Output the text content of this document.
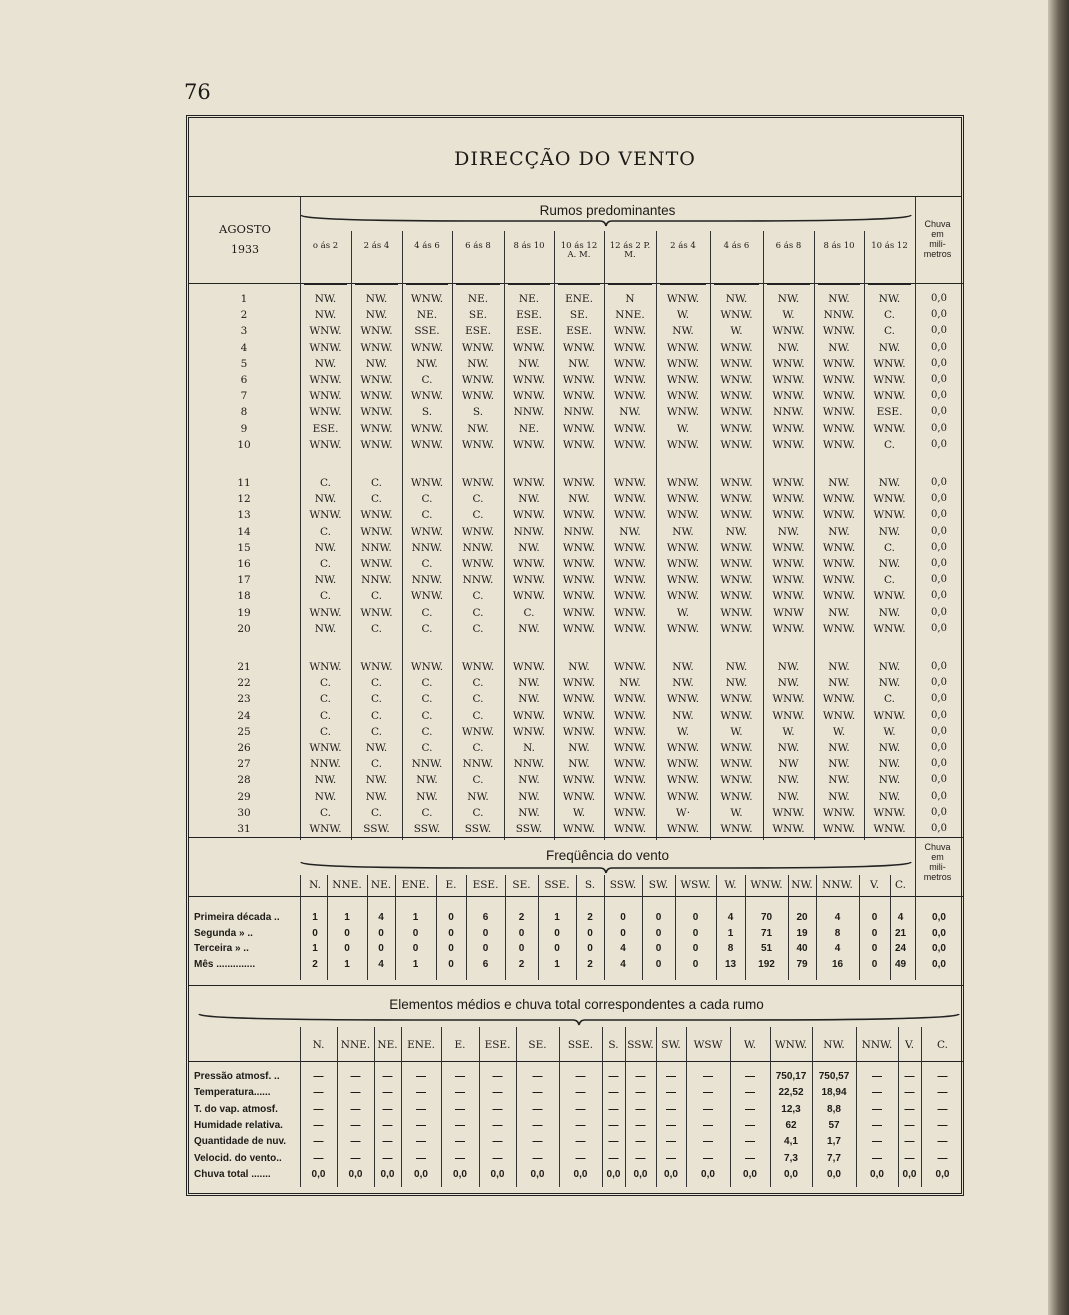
76
DIRECÇÃO DO VENTO
AGOSTO
1933
Rumos predominantes
Chuva
em
mili-
metros
o ás 2	2 ás 4	4 ás 6	6 ás 8	8 ás 10	10 ás 12 A. M.
12 ás 2 P. M.
2 ás 4	4 ás 6	6 ás 8	8 ás 10	10 ás 12
1	NW.	NW.	WNW.	NE.	NE.	ENE.	N	WNW.	NW.	NW.	NW.	NW.	0,0
2	NW.	NW.	NE.	SE.	ESE.	SE.	NNE.	W.	WNW.	W.	NNW.	C.	0,0
3	WNW.	WNW.	SSE.	ESE.	ESE.	ESE.	WNW.	NW.	W.	WNW.	WNW.	C.	0,0
4	WNW.	WNW.	WNW.	WNW.	WNW.	WNW.	WNW.	WNW.	WNW.	NW.	NW.	NW.	0,0
5	NW.	NW.	NW.	NW.	NW.	NW.	WNW.	WNW.	WNW.	WNW.	WNW.	WNW.	0,0
6	WNW.	WNW.	C.	WNW.	WNW.	WNW.	WNW.	WNW.	WNW.	WNW.	WNW.	WNW.	0,0
7	WNW.	WNW.	WNW.	WNW.	WNW.	WNW.	WNW.	WNW.	WNW.	WNW.	WNW.	WNW.	0,0
8	WNW.	WNW.	S.	S.	NNW.	NNW.	NW.	WNW.	WNW.	NNW.	WNW.	ESE.	0,0
9	ESE.	WNW.	WNW.	NW.	NE.	WNW.	WNW.	W.	WNW.	WNW.	WNW.	WNW.	0,0
10	WNW.	WNW.	WNW.	WNW.	WNW.	WNW.	WNW.	WNW.	WNW.	WNW.	WNW.	C.	0,0
11	C.	C.	WNW.	WNW.	WNW.	WNW.	WNW.	WNW.	WNW.	WNW.	NW.	NW.	0,0
12	NW.	C.	C.	C.	NW.	NW.	WNW.	WNW.	WNW.	WNW.	WNW.	WNW.	0,0
13	WNW.	WNW.	C.	C.	WNW.	WNW.	WNW.	WNW.	WNW.	WNW.	WNW.	WNW.	0,0
14	C.	WNW.	WNW.	WNW.	NNW.	NNW.	NW.	NW.	NW.	NW.	NW.	NW.	0,0
15	NW.	NNW.	NNW.	NNW.	NW.	WNW.	WNW.	WNW.	WNW.	WNW.	WNW.	C.	0,0
16	C.	WNW.	C.	WNW.	WNW.	WNW.	WNW.	WNW.	WNW.	WNW.	WNW.	NW.	0,0
17	NW.	NNW.	NNW.	NNW.	WNW.	WNW.	WNW.	WNW.	WNW.	WNW.	WNW.	C.	0,0
18	C.	C.	WNW.	C.	WNW.	WNW.	WNW.	WNW.	WNW.	WNW.	WNW.	WNW.	0,0
19	WNW.	WNW.	C.	C.	C.	WNW.	WNW.	W.	WNW.	WNW	NW.	NW.	0,0
20	NW.	C.	C.	C.	NW.	WNW.	WNW.	WNW.	WNW.	WNW.	WNW.	WNW.	0,0
21	WNW.	WNW.	WNW.	WNW.	WNW.	NW.	WNW.	NW.	NW.	NW.	NW.	NW.	0,0
22	C.	C.	C.	C.	NW.	WNW.	NW.	NW.	NW.	NW.	NW.	NW.	0,0
23	C.	C.	C.	C.	NW.	WNW.	WNW.	WNW.	WNW.	WNW.	WNW.	C.	0,0
24	C.	C.	C.	C.	WNW.	WNW.	WNW.	NW.	WNW.	WNW.	WNW.	WNW.	0,0
25	C.	C.	C.	WNW.	WNW.	WNW.	WNW.	W.	W.	W.	W.	W.	0,0
26	WNW.	NW.	C.	C.	N.	NW.	WNW.	WNW.	WNW.	NW.	NW.	NW.	0,0
27	NNW.	C.	NNW.	NNW.	NNW.	NW.	WNW.	WNW.	WNW.	NW	NW.	NW.	0,0
28	NW.	NW.	NW.	C.	NW.	WNW.	WNW.	WNW.	WNW.	NW.	NW.	NW.	0,0
29	NW.	NW.	NW.	NW.	NW.	WNW.	WNW.	WNW.	WNW.	NW.	NW.	NW.	0,0
30	C.	C.	C.	C.	NW.	W.	WNW.	W·	W.	WNW.	WNW.	WNW.	0,0
31	WNW.	SSW.	SSW.	SSW.	SSW.	WNW.	WNW.	WNW.	WNW.	WNW.	WNW.	WNW.	0,0
Freqüência do vento
Chuva
em
mili-
metros
N.	NNE. NE. ENE.	E.	ESE.	SE.	SSE.	S.	SSW.	SW.	WSW.	W.	WNW. NW. NNW.	V.	C.
Primeira década ..	1	1	4	1	0	6	2	1	2	0	0	0	4	70	20	4	0	4	0,0
Segunda » ..	0	0	0	0	0	0	0	0	0	0	0	0	1	71	19	8	0	21	0,0
Terceira » ..	1	0	0	0	0	0	0	0	0	4	0	0	8	51	40	4	0	24	0,0
Mês ..............	2	1	4	1	0	6	2	1	2	4	0	0	13	192	79	16	0	49	0,0
Elementos médios e chuva total correspondentes a cada rumo
N.	NNE. NE. ENE.	E.	ESE.	SE.	SSE.	S. SSW. SW.	WSW	W.	WNW.	NW.	NNW.	V.	C.
Pressão atmosf. ..	—	—	—	—	—	—	—	—	—	—	—	—	—	750,17	750,57	—	—	—
Temperatura......	—	—	—	—	—	—	—	—	—	—	—	—	—	22,52	18,94	—	—	—
T. do vap. atmosf.	—	—	—	—	—	—	—	—	—	—	—	—	—	12,3	8,8	—	—	—
Humidade relativa.	—	—	—	—	—	—	—	—	—	—	—	—	—	62	57	—	—	—
Quantidade de nuv.	—	—	—	—	—	—	—	—	—	—	—	—	—	4,1	1,7	—	—	—
Velocid. do vento..	—	—	—	—	—	—	—	—	—	—	—	—	—	7,3	7,7	—	—	—
Chuva total .......	0,0	0,0	0,0	0,0	0,0	0,0	0,0	0,0	0,0	0,0	0,0	0,0	0,0	0,0	0,0	0,0	0,0	0,0
